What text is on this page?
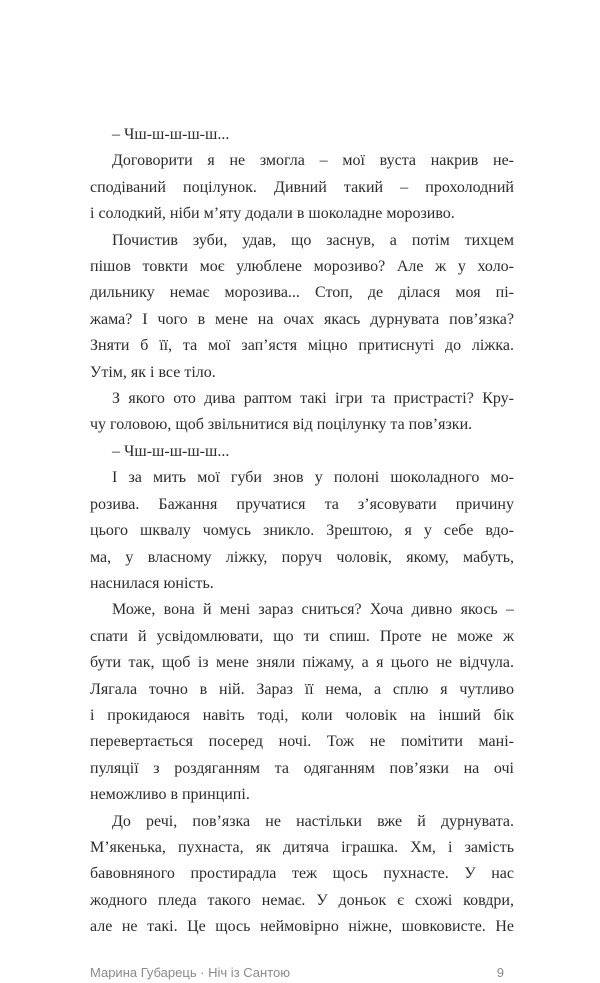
– Чш-ш-ш-ш-ш...
Договорити я не змогла – мої вуста накрив не-
сподіваний поцілунок. Дивний такий – прохолодний
і солодкий, ніби м’яту додали в шоколадне морозиво.
Почистив зуби, удав, що заснув, а потім тихцем
пішов товкти моє улюблене морозиво? Але ж у холо-
дильнику немає морозива... Стоп, де ділася моя пі-
жама? І чого в мене на очах якась дурнувата пов’язка?
Зняти б її, та мої зап’ястя міцно притиснуті до ліжка.
Утім, як і все тіло.
З якого ото дива раптом такі ігри та пристрасті? Кру-
чу головою, щоб звільнитися від поцілунку та пов’язки.
– Чш-ш-ш-ш-ш...
І за мить мої губи знов у полоні шоколадного мо-
розива. Бажання пручатися та з’ясовувати причину
цього шквалу чомусь зникло. Зрештою, я у себе вдо-
ма, у власному ліжку, поруч чоловік, якому, мабуть,
наснилася юність.
Може, вона й мені зараз сниться? Хоча дивно якось –
спати й усвідомлювати, що ти спиш. Проте не може ж
бути так, щоб із мене зняли піжаму, а я цього не відчула.
Лягала точно в ній. Зараз її нема, а сплю я чутливо
і прокидаюся навіть тоді, коли чоловік на інший бік
перевертається посеред ночі. Тож не помітити мані-
пуляції з роздяганням та одяганням пов’язки на очі
неможливо в принципі.
До речі, пов’язка не настільки вже й дурнувата.
М’якенька, пухнаста, як дитяча іграшка. Хм, і замість
бавовняного простирадла теж щось пухнасте. У нас
жодного пледа такого немає. У доньок є схожі ковдри,
але не такі. Це щось неймовірно ніжне, шовковисте. Не
Марина Губарець · Ніч із Сантою	9
